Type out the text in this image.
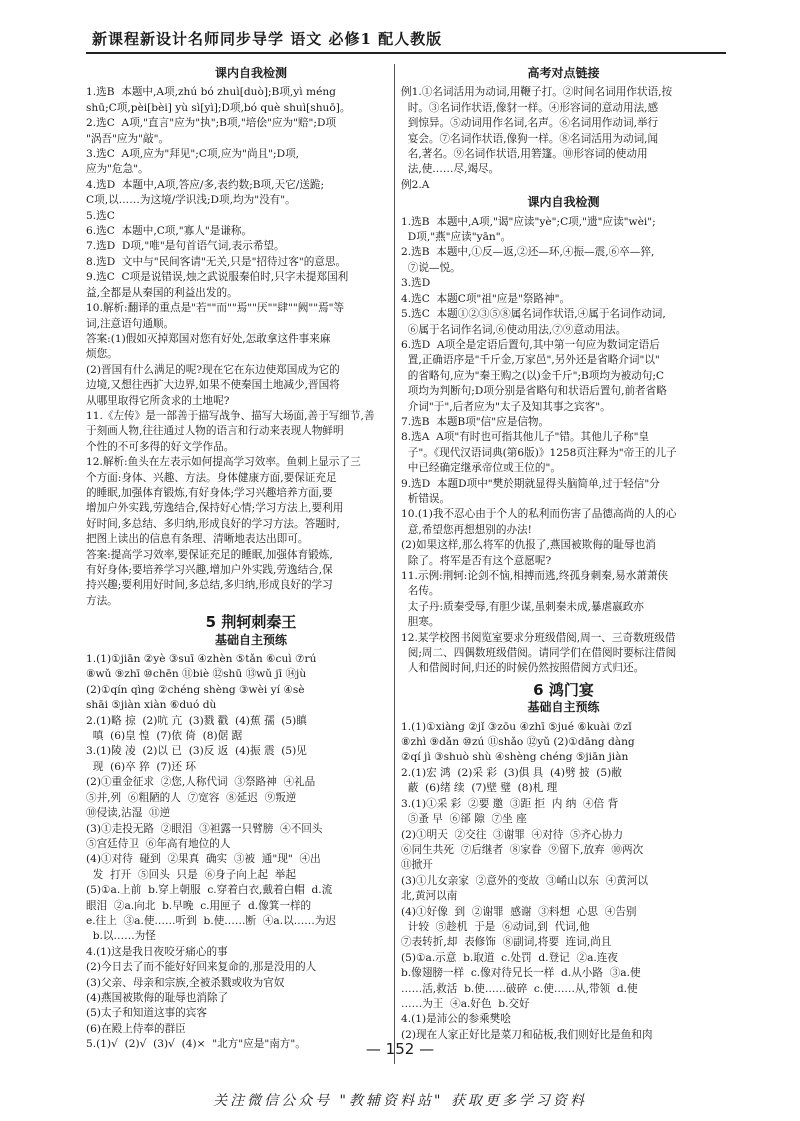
新课程新设计名师同步导学 语文 必修1 配人教版
课内自我检测
1.选B  本题中,A项,zhú bó zhuì[duò];B项,yì méng
shū;C项,pèi[bèi] yù sì[yì];D项,bó què shuì[shuō]。
2.选C  A项,"直言"应为"执";B项,"培侩"应为"赔";D项
"涡吾"应为"敲"。
3.选C  A项,应为"拜见";C项,应为"尚且";D项,
应为"危急"。
4.选D  本题中,A项,答应/多,表约数;B项,天它/送跪;
C项,以……为这境/学识浅;D项,均为"没有"。
5.选C
6.选C  本题中,C项,"寡人"是谦称。
7.选D  D项,"唯"是句首语气词,表示希望。
8.选D  文中与"民间客请"无关,只是"招待过客"的意思。
9.选C  C项是说错误,烛之武说服秦伯时,只字未提郑国利
益,全都是从秦国的利益出发的。
10.解析:翻译的重点是"若""而""焉""厌""肆""阙""焉"等
词,注意语句通顺。
答案:(1)假如灭掉郑国对您有好处,怎敢拿这件事来麻
烦您。
(2)晋国有什么满足的呢?现在它在东边使郑国成为它的
边境,又想往西扩大边界,如果不使秦国土地减少,晋国将
从哪里取得它所贪求的土地呢?
11.《左传》是一部善于描写战争、描写大场面,善于写细节,善
于刻画人物,往往通过人物的语言和行动来表现人物鲜明
个性的不可多得的好文学作品。
12.解析:鱼头在左表示如何提高学习效率。鱼刺上显示了三
个方面:身体、兴趣、方法。身体健康方面,要保证充足
的睡眠,加强体育锻炼,有好身体;学习兴趣培养方面,要
增加户外实践,劳逸结合,保持好心情;学习方法上,要利用
好时间,多总结、多归纳,形成良好的学习方法。答题时,
把图上读出的信息有条理、清晰地表达出即可。
答案:提高学习效率,要保证充足的睡眠,加强体育锻炼,
有好身体;要培养学习兴趣,增加户外实践,劳逸结合,保
持兴趣;要利用好时间,多总结,多归纳,形成良好的学习
方法。
5 荆轲刺秦王
基础自主预练
1.(1)①jiān ②yè ③suī ④zhèn ⑤tǎn ⑥cuì ⑦rú
⑧wǔ ⑨zhī ⑩chēn ⑪biè ⑫shū ⑬wǔ jī ⑭jù
(2)①qín qìng ②chéng shèng ③wèi yí ④sè
shāi ⑤jiàn xiàn ⑥duó dù
2.(1)略 掠  (2)吭 亢  (3)戮 戳  (4)蕉 孺  (5)瞋
嗔  (6)皇 惶  (7)依 倚  (8)倨 踞
3.(1)陵 凌  (2)以 已  (3)反 返  (4)振 震  (5)见
现  (6)卒 猝  (7)还 环
(2)①重金征求  ②您,人称代词  ③祭路神  ④礼品
⑤并,列  ⑥粗陋的人  ⑦宽容  ⑧延迟  ⑨叛逆
⑩侵读,沾湿  ⑪逆
(3)①走投无路  ②眼泪  ③袒露一只臂膀  ④不回头
⑤宫廷侍卫  ⑥年高有地位的人
(4)①对待  碰到  ②果真  确实  ③被  通"现"  ④出
发  打开  ⑤回头  只是  ⑥身子向上起  举起
(5)①a.上前  b.穿上朝服  c.穿着白衣,戴着白帽  d.流
眼泪  ②a.向北  b.早晚  c.用匣子  d.像箕一样的
e.往上  ③a.使……听到  b.使……断  ④a.以……为迟
b.以……为怪
4.(1)这是我日夜咬牙痛心的事
(2)今日去了而不能好好回来复命的,那是没用的人
(3)父亲、母亲和宗族,全被杀戮或收为官奴
(4)燕国被欺侮的耻辱也消除了
(5)太子和知道这事的宾客
(6)在殿上侍奉的群臣
5.(1)√  (2)√  (3)√  (4)×  "北方"应是"南方"。
高考对点链接
例1.①名词活用为动词,用鞭子打。②时间名词用作状语,按
时。③名词作状语,像豺一样。④形容词的意动用法,感
到惊异。⑤动词用作名词,名声。⑥名词用作动词,举行
宴会。⑦名词作状语,像狗一样。⑧名词活用为动词,闻
名,著名。⑨名词作状语,用箬篷。⑩形容词的使动用
法,使……尽,竭尽。
例2.A
课内自我检测
1.选B  本题中,A项,"谒"应读"yè";C项,"遗"应读"wèi";
D项,"燕"应读"yān"。
2.选B  本题中,①反—返,②还—环,④振—震,⑥卒—猝,
⑦说—悦。
3.选D
4.选C  本题C项"祖"应是"祭路神"。
5.选C  本题①②③⑤⑧属名词作状语,④属于名词作动词,
⑥属于名词作名词,⑥使动用法,⑦⑨意动用法。
6.选D  A项全是定语后置句,其中第一句应为数词定语后
置,正确语序是"千斤金,万家邑",另外还是省略介词"以"
的省略句,应为"秦王购之(以)金千斤";B项均为被动句;C
项均为判断句;D项分别是省略句和状语后置句,前者省略
介词"于",后者应为"太子及知其事之宾客"。
7.选B  本题B项"信"应是信物。
8.选A  A项"有时也可指其他儿子"错。其他儿子称"皇
子"。《现代汉语词典(第6版)》1258页注释为"帝王的儿子
中已经确定继承帝位或王位的"。
9.选D  本题D项中"樊於期就显得头脑简单,过于轻信"分
析错误。
10.(1)我不忍心由于个人的私利而伤害了品德高尚的人的心
意,希望您再想想别的办法!
(2)如果这样,那么将军的仇报了,燕国被欺侮的耻辱也消
除了。将军是否有这个意愿呢?
11.示例:荆轲:论剑不恼,相搏而逃,终孤身刺秦,易水萧萧侠
名传。
太子丹:质秦受辱,有胆少谋,虽刺秦未成,暴虐嬴政亦
胆寒。
12.某学校图书阅览室要求分班级借阅,周一、三奇数班级借
阅;周二、四偶数班级借阅。请同学们在借阅时要标注借阅
人和借阅时间,归还的时候仍然按照借阅方式归还。
6 鸿门宴
基础自主预练
1.(1)①xiàng ②jǐ ③zōu ④zhī ⑤jué ⑥kuài ⑦zǐ
⑧zhì ⑨dǎn ⑩zú ⑪shǎo ⑫yǔ (2)①dāng dàng
②qí jì ③shuò shù ④shèng chéng ⑤jiān jiàn
2.(1)宏 鸿  (2)采 彩  (3)俱 具  (4)劈 披  (5)敝
蔽  (6)绪 续  (7)壁 璧  (8)札 理
3.(1)①采 彩  ②要 邀  ③距 拒  内 纳  ④倍 背
⑤蚤 早  ⑥郤 隙  ⑦坐 座
(2)①明天  ②交往  ③谢罪  ④对待  ⑤齐心协力
⑥同生共死  ⑦后继者  ⑧家眷  ⑨留下,放弃  ⑩两次
⑪掀开
(3)①儿女亲家  ②意外的变故  ③崤山以东  ④黄河以
北,黄河以南
(4)①好像  到  ②谢罪  感谢  ③料想  心思  ④告别
计较  ⑤趁机  于是  ⑥动词,到  代词,他
⑦表转折,却  表修饰  ⑧副词,将要  连词,尚且
(5)①a.示意  b.取道  c.处罚  d.登记  ②a.连夜
b.像翅膀一样  c.像对待兄长一样  d.从小路  ③a.使
……活,救活  b.使……破碎  c.使……从,带领  d.使
……为王  ④a.好色  b.交好
4.(1)是沛公的参乘樊哙
(2)现在人家正好比是菜刀和砧板,我们则好比是鱼和肉
— 152 —
关注微信公众号 "教辅资料站" 获取更多学习资料
